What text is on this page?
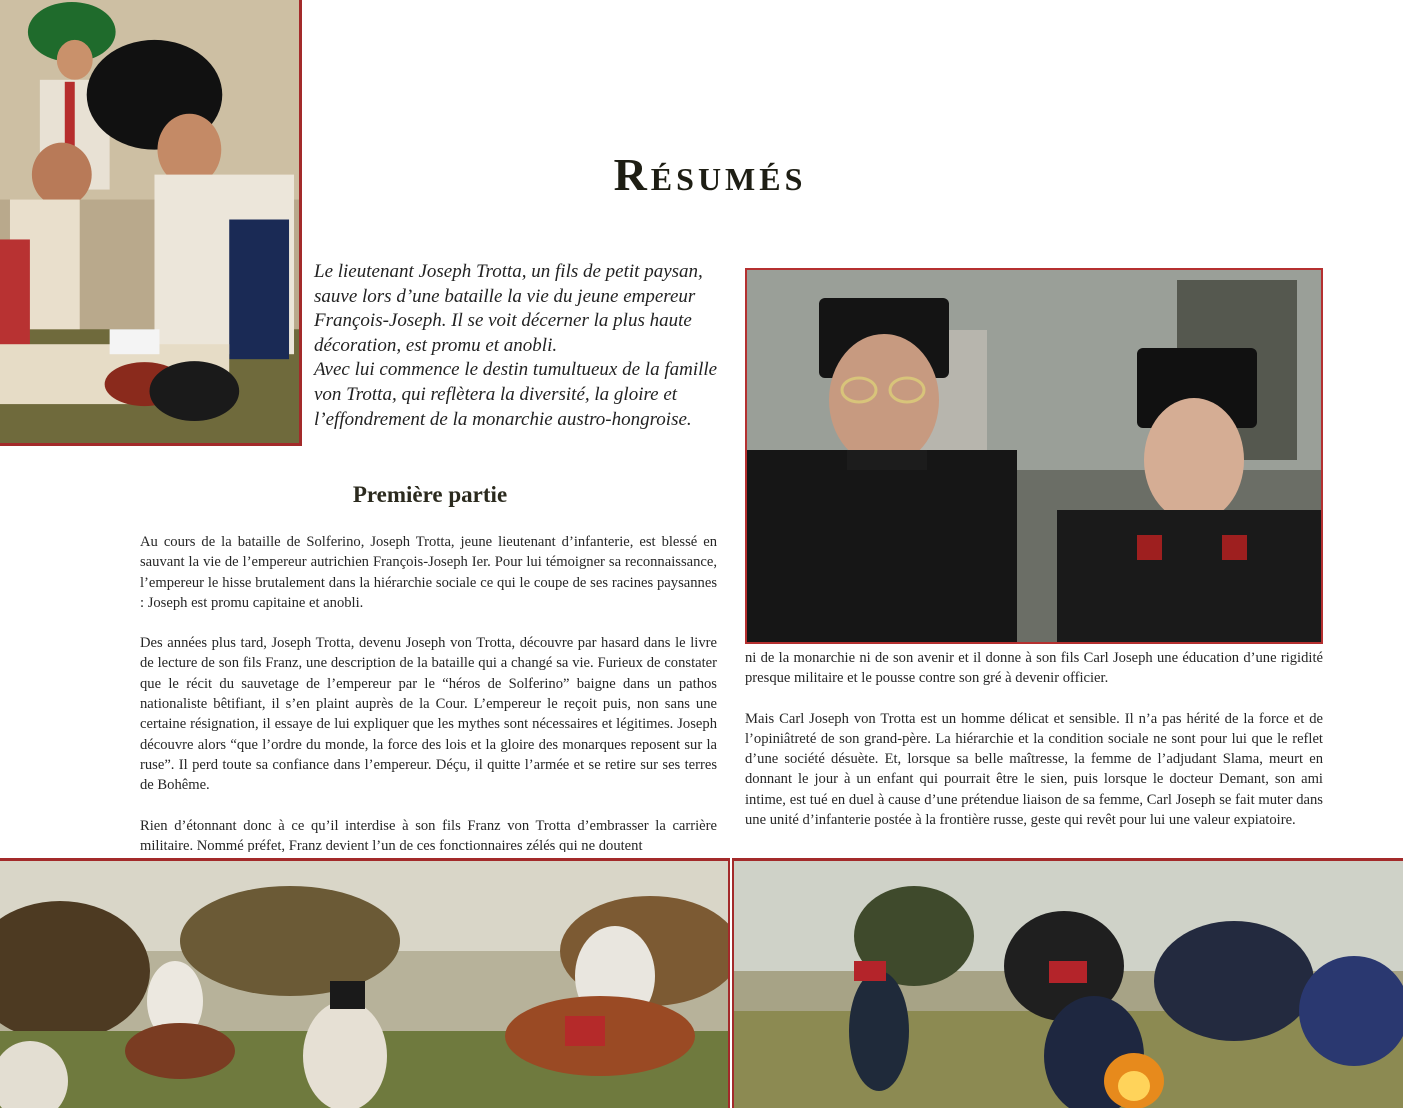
Résumés

Le lieutenant Joseph Trotta, un fils de petit paysan, sauve lors d’une bataille la vie du jeune empereur François-Joseph. Il se voit décerner la plus haute décoration, est promu et anobli.

Avec lui commence le destin tumultueux de la famille von Trotta, qui reflètera la diversité, la gloire et l’effondrement de la monarchie austro-hongroise.

Première partie

Au cours de la bataille de Solferino, Joseph Trotta, jeune lieutenant d’infanterie, est blessé en sauvant la vie de l’empereur autrichien François-Joseph Ier. Pour lui témoigner sa reconnaissance, l’empereur le hisse brutalement dans la hiérarchie sociale ce qui le coupe de ses racines paysannes : Joseph est promu capitaine et anobli.

Des années plus tard, Joseph Trotta, devenu Joseph von Trotta, découvre par hasard dans le livre de lecture de son fils Franz, une description de la bataille qui a changé sa vie. Furieux de constater que le récit du sauvetage de l’empereur par le “héros de Solferino” baigne dans un pathos nationaliste bêtifiant, il s’en plaint auprès de la Cour. L’empereur le reçoit puis, non sans une certaine résignation, il essaye de lui expliquer que les mythes sont nécessaires et légitimes. Joseph découvre alors “que l’ordre du monde, la force des lois et la gloire des monarques reposent sur la ruse”. Il perd toute sa confiance dans l’empereur. Déçu, il quitte l’armée et se retire sur ses terres de Bohême.

Rien d’étonnant donc à ce qu’il interdise à son fils Franz von Trotta d’embrasser la carrière militaire. Nommé préfet, Franz devient l’un de ces fonctionnaires zélés qui ne doutent

ni de la monarchie ni de son avenir et il donne à son fils Carl Joseph une éducation d’une rigidité presque militaire et le pousse contre son gré à devenir officier.

Mais Carl Joseph von Trotta est un homme délicat et sensible. Il n’a pas hérité de la force et de l’opiniâtreté de son grand-père. La hiérarchie et la condition sociale ne sont pour lui que le reflet d’une société désuète. Et, lorsque sa belle maîtresse, la femme de l’adjudant Slama, meurt en donnant le jour à un enfant qui pourrait être le sien, puis lorsque le docteur Demant, son ami intime, est tué en duel à cause d’une prétendue liaison de sa femme, Carl Joseph se fait muter dans une unité d’infanterie postée à la frontière russe, geste qui revêt pour lui une valeur expiatoire.
